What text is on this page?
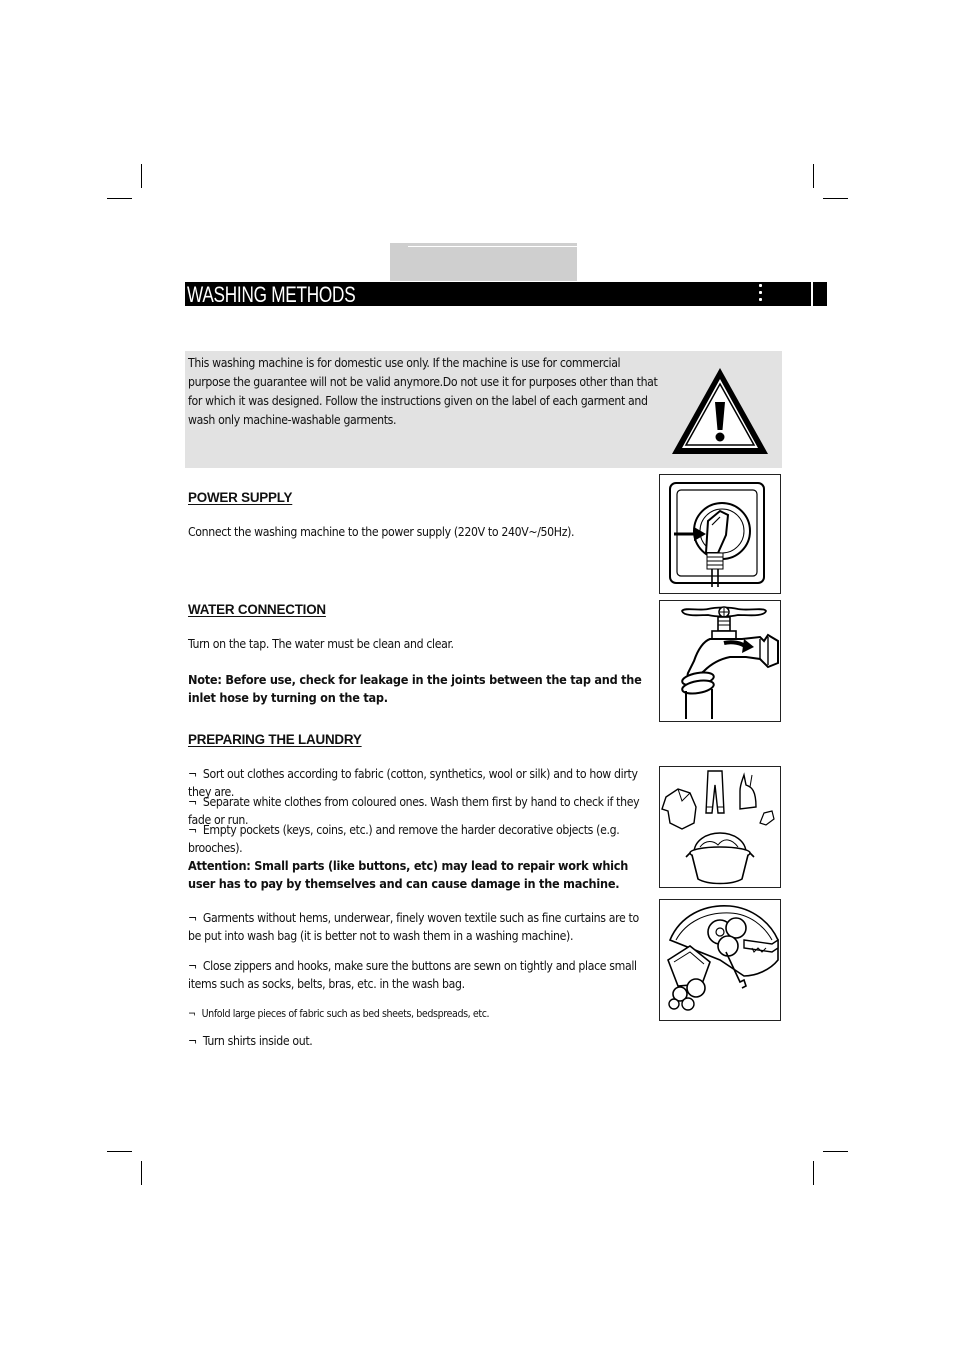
WASHING METHODS
This washing machine is for domestic use only. If the machine is use for commercial purpose the guarantee will not be valid anymore.Do not use it for purposes other than that for which it was designed. Follow the instructions given on the label of each garment and wash only machine-washable garments.
POWER SUPPLY
Connect the washing machine to the power supply (220V to 240V~/50Hz).
WATER CONNECTION
Turn on the tap. The water must be clean and clear.
Note: Before use, check for leakage in the joints between the tap and the inlet hose by turning on the tap.
PREPARING THE LAUNDRY
¬ Sort out clothes according to fabric (cotton, synthetics, wool or silk) and to how dirty they are.
¬ Separate white clothes from coloured ones. Wash them first by hand to check if they fade or run.
¬ Empty pockets (keys, coins, etc.) and remove the harder decorative objects (e.g. brooches).
Attention: Small parts (like buttons, etc) may lead to repair work which user has to pay by themselves and can cause damage in the machine.
¬ Garments without hems, underwear, finely woven textile such as fine curtains are to be put into wash bag (it is better not to wash them in a washing machine).
¬ Close zippers and hooks, make sure the buttons are sewn on tightly and place small items such as socks, belts, bras, etc. in the wash bag.
¬ Unfold large pieces of fabric such as bed sheets, bedspreads, etc.
¬ Turn shirts inside out.
